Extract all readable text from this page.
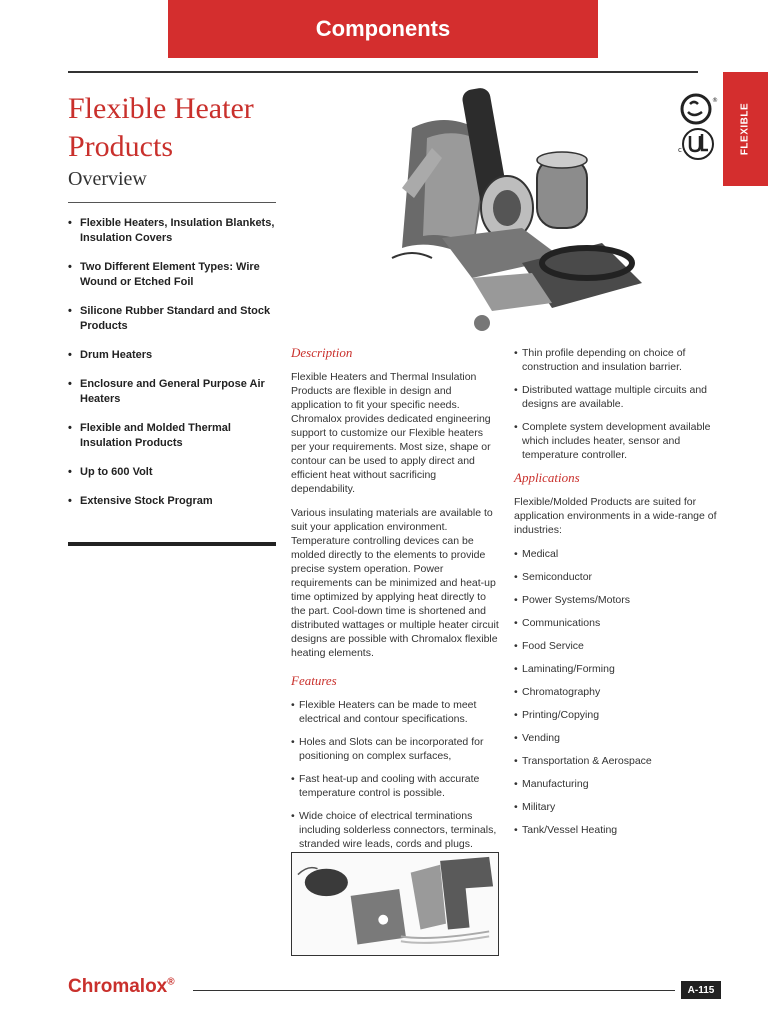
Components
FLEXIBLE
®
c
Flexible Heater Products
Overview
• Flexible Heaters, Insulation Blankets, Insulation Covers
• Two Different Element Types: Wire Wound or Etched Foil
• Silicone Rubber Standard and Stock Products
• Drum Heaters
• Enclosure and General Purpose Air Heaters
• Flexible and Molded Thermal Insulation Products
• Up to 600 Volt
• Extensive Stock Program
Description

Flexible Heaters and Thermal Insulation Products are flexible in design and application to fit your specific needs. Chromalox provides dedicated engineering support to customize our Flexible heaters per your requirements. Most size, shape or contour can be used to apply direct and efficient heat without sacrificing dependability.

Various insulating materials are available to suit your application environment. Temperature controlling devices can be molded directly to the elements to provide precise system operation. Power requirements can be minimized and heat-up time optimized by applying heat directly to the part. Cool-down time is shortened and distributed wattages or multiple heater circuit designs are possible with Chromalox flexible heating elements.

Features
• Flexible Heaters can be made to meet electrical and contour specifications.
• Holes and Slots can be incorporated for positioning on complex surfaces,
• Fast heat-up and cooling with accurate temperature control is possible.
• Wide choice of electrical terminations including solderless connectors, terminals, stranded wire leads, cords and plugs.
• Thin profile depending on choice of construction and insulation barrier.
• Distributed wattage multiple circuits and designs are available.
• Complete system development available which includes heater, sensor and temperature controller.
Applications

Flexible/Molded Products are suited for application environments in a wide-range of industries:

• Medical
• Semiconductor
• Power Systems/Motors
• Communications
• Food Service
• Laminating/Forming
• Chromatography
• Printing/Copying
• Vending
• Transportation & Aerospace
• Manufacturing
• Military
• Tank/Vessel Heating
Chromalox®
A-115
